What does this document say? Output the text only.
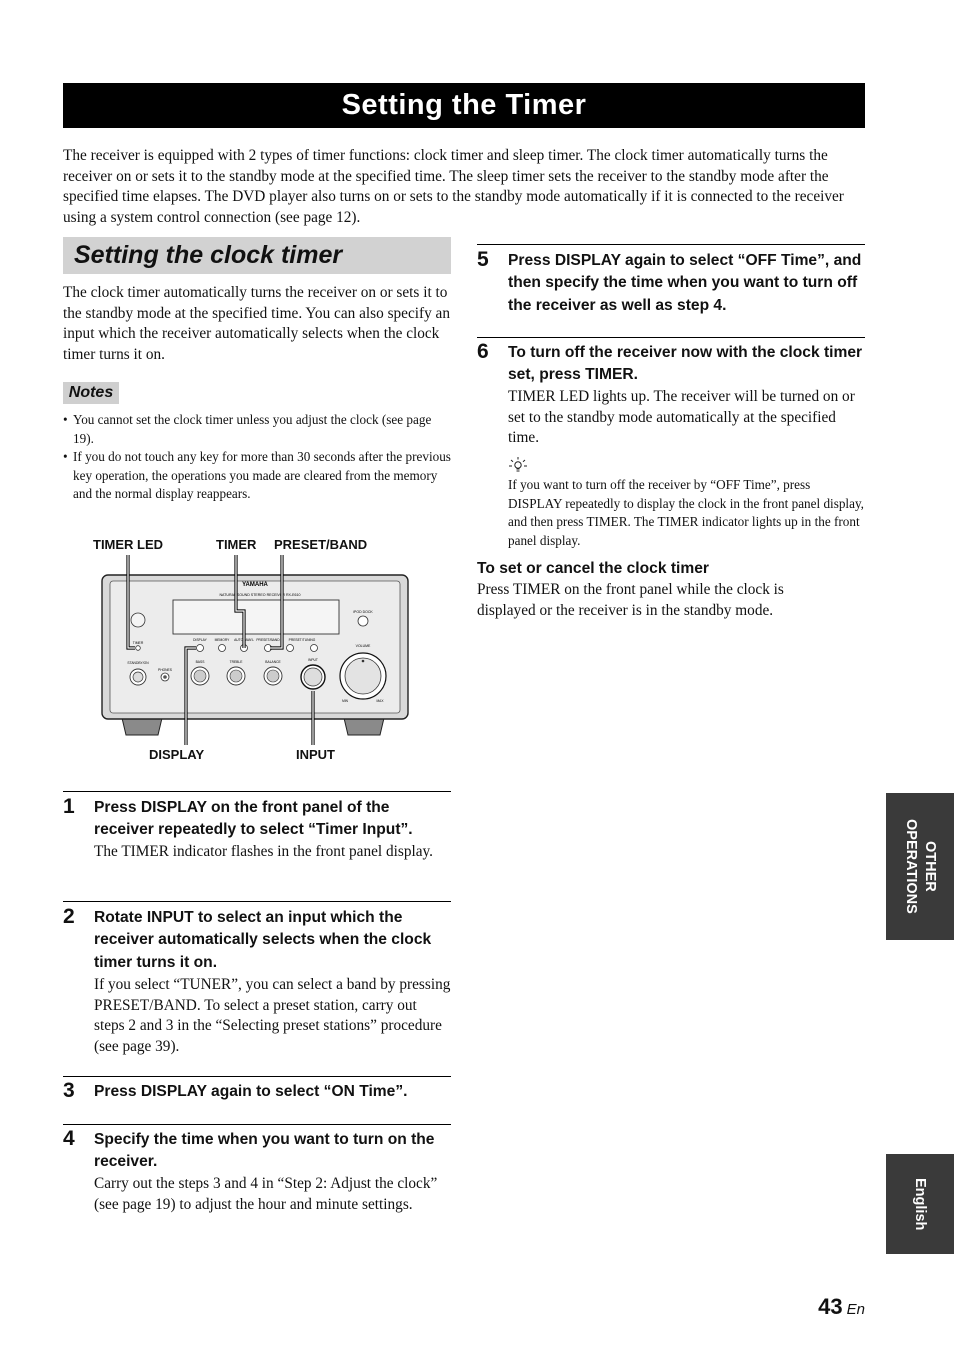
Setting the Timer
The receiver is equipped with 2 types of timer functions: clock timer and sleep timer. The clock timer automatically turns the receiver on or sets it to the standby mode at the specified time. The sleep timer sets the receiver to the standby mode after the specified time elapses. The DVD player also turns on or sets to the standby mode automatically if it is connected to the receiver using a system control connection (see page 12).
Setting the clock timer
The clock timer automatically turns the receiver on or sets it to the standby mode at the specified time. You can also specify an input which the receiver automatically selects when the clock timer turns it on.
Notes
• You cannot set the clock timer unless you adjust the clock (see page 19).
• If you do not touch any key for more than 30 seconds after the previous key operation, the operations you made are cleared from the memory and the normal display reappears.
TIMER LED	TIMER PRESET/BAND
DISPLAY	INPUT
YAMAHA
NATURAL SOUND STEREO RECEIVER RX-E610
iPOD DOCK
TIMER
DISPLAY MEMORY AUTO/MAN'L PRESET/BAND	PRESET/TUNING
STANDBY/ON
PHONES
BASS	TREBLE	BALANCE	INPUT
VOLUME
MIN	MAX
1 Press DISPLAY on the front panel of the receiver repeatedly to select “Timer Input”.
The TIMER indicator flashes in the front panel display.
2 Rotate INPUT to select an input which the receiver automatically selects when the clock timer turns it on.
If you select “TUNER”, you can select a band by pressing PRESET/BAND. To select a preset station, carry out steps 2 and 3 in the “Selecting preset stations” procedure (see page 39).
3 Press DISPLAY again to select “ON Time”.
4 Specify the time when you want to turn on the receiver.
Carry out the steps 3 and 4 in “Step 2: Adjust the clock” (see page 19) to adjust the hour and minute settings.
5 Press DISPLAY again to select “OFF Time”, and then specify the time when you want to turn off the receiver as well as step 4.
6 To turn off the receiver now with the clock timer set, press TIMER.
TIMER LED lights up. The receiver will be turned on or set to the standby mode automatically at the specified time.
If you want to turn off the receiver by “OFF Time”, press DISPLAY repeatedly to display the clock in the front panel display, and then press TIMER. The TIMER indicator lights up in the front panel display.
To set or cancel the clock timer
Press TIMER on the front panel while the clock is displayed or the receiver is in the standby mode.
OTHER OPERATIONS
English
43 En
